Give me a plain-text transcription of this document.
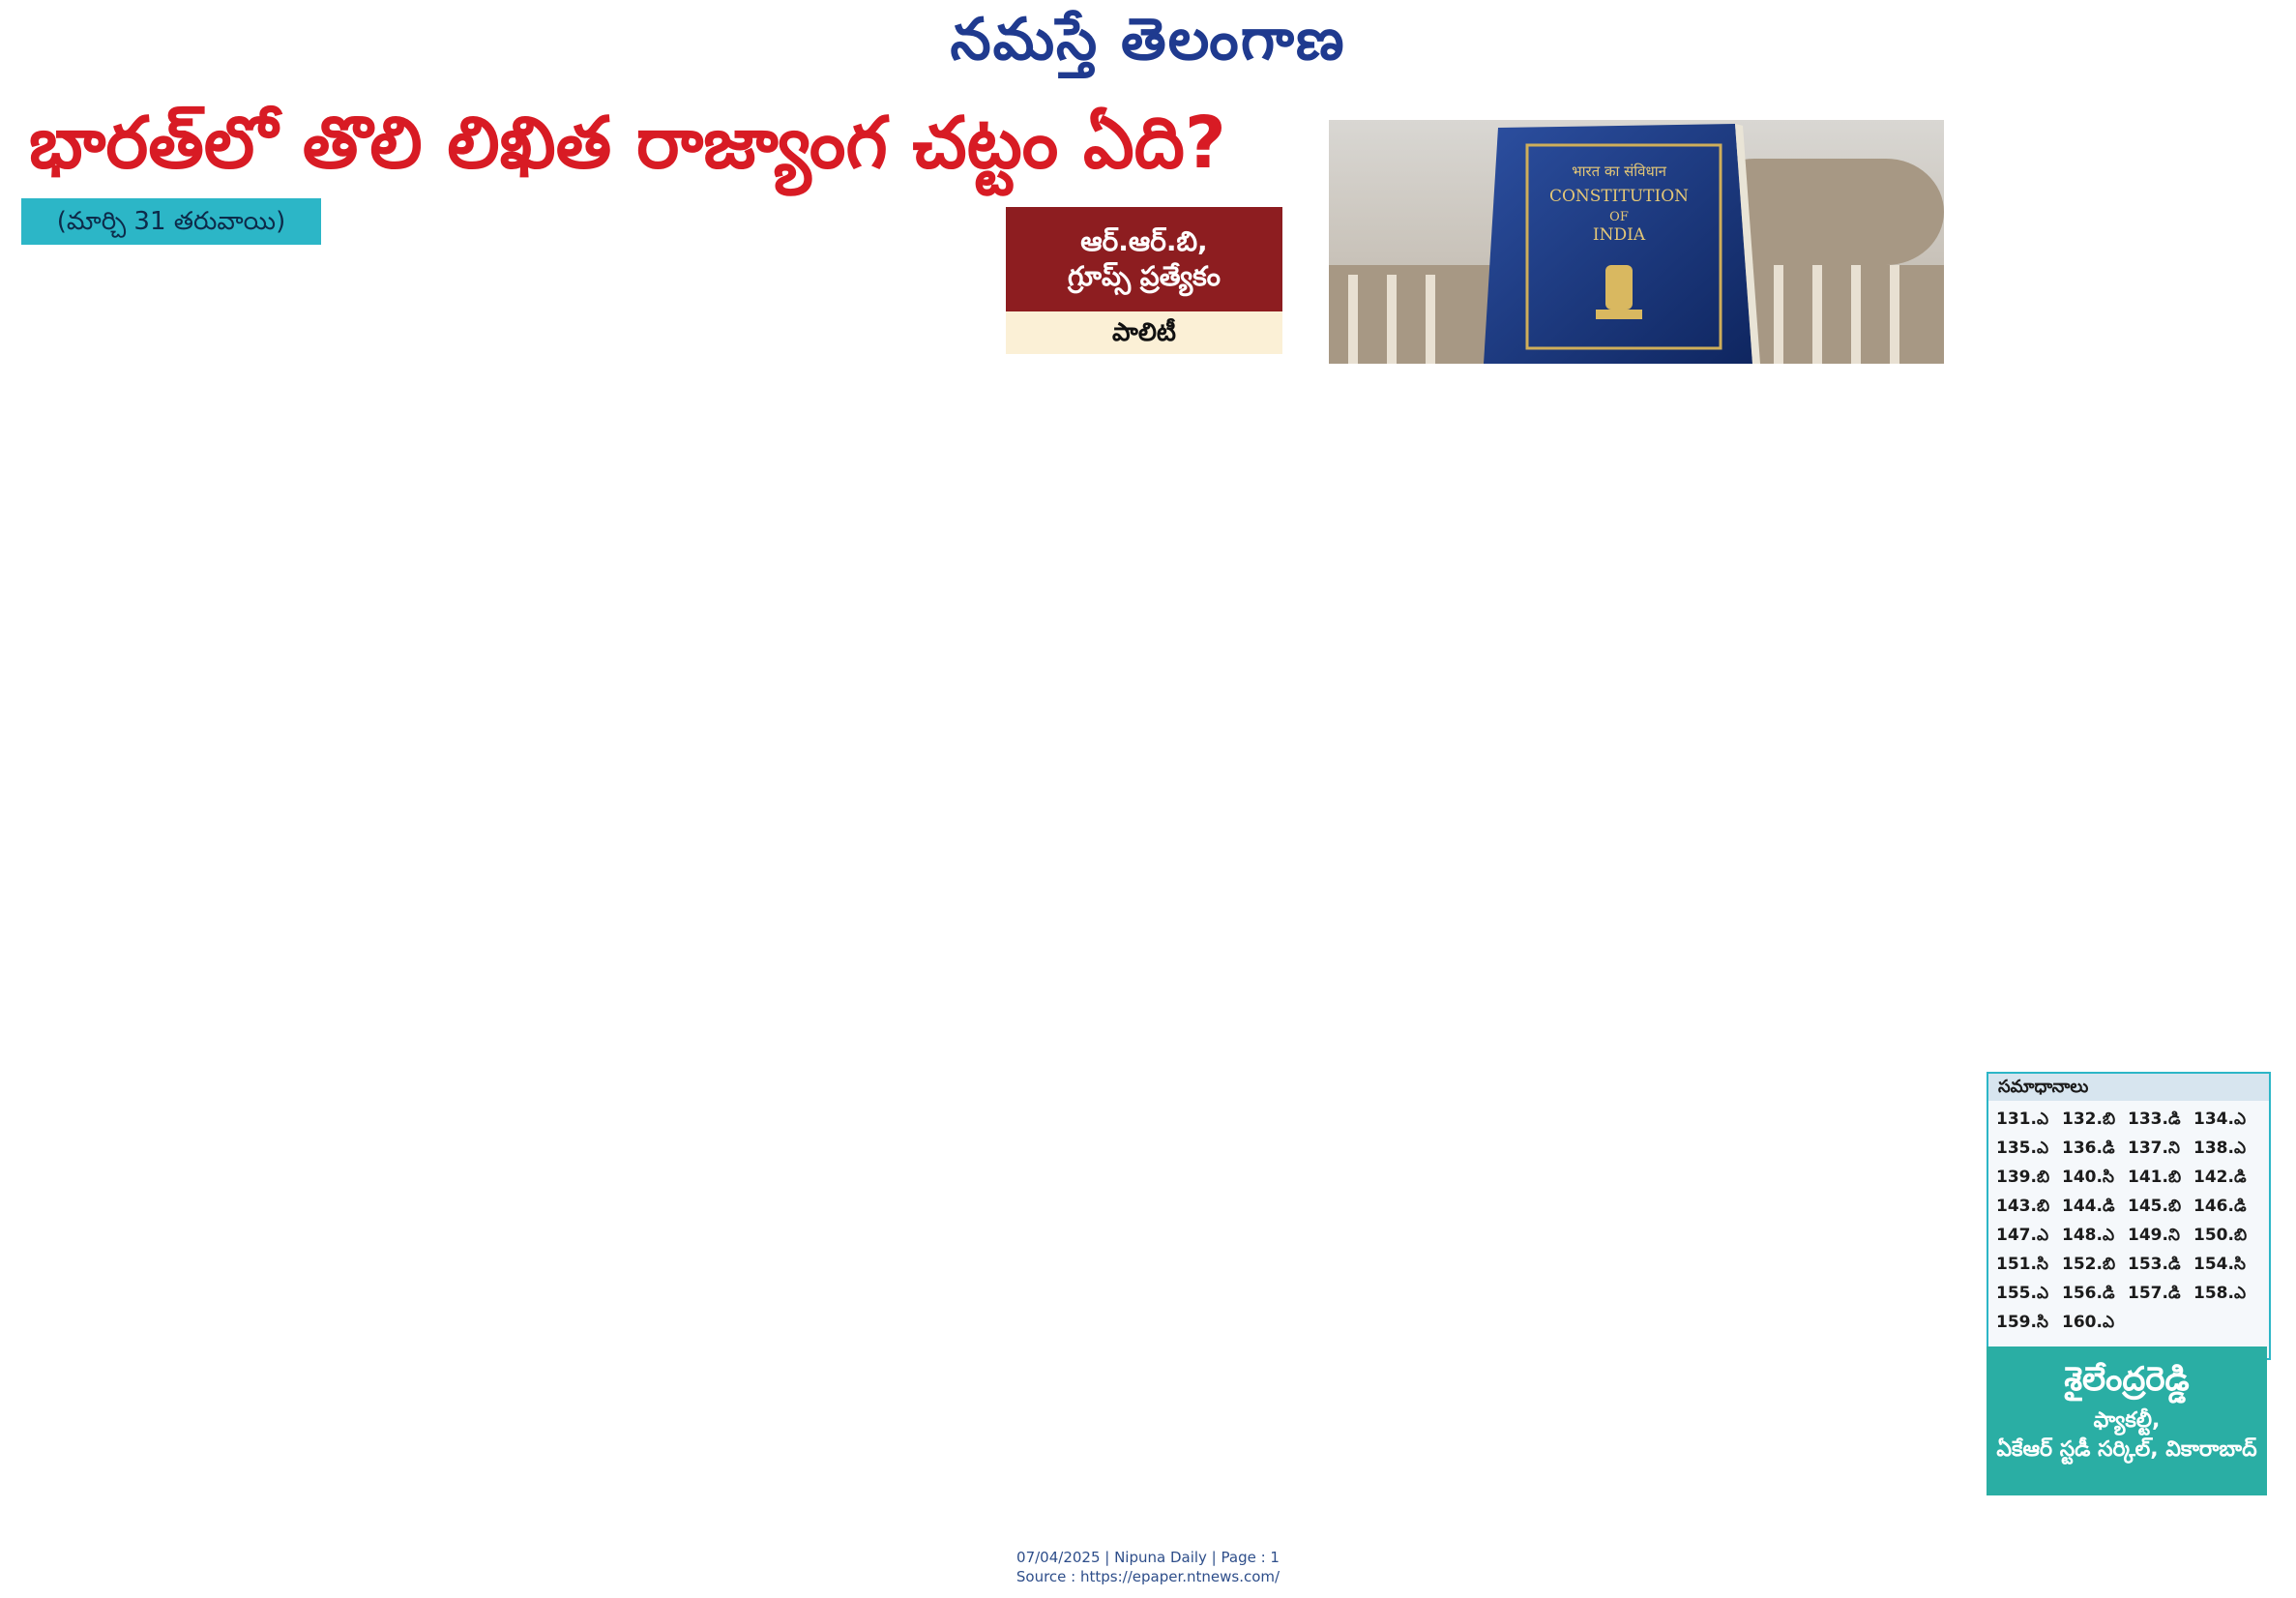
నమస్తే తెలంగాణ
భారత్‌లో తొలి లిఖిత రాజ్యాంగ చట్టం ఏది?
(మార్చి 31 తరువాయి)
ఆర్‌.ఆర్‌.బి,
గ్రూప్స్‌ ప్రత్యేకం
పాలిటీ
भारत का संविधान
CONSTITUTION
OF
INDIA
సమాధానాలు
131.ఎ	132.బి	133.డి	134.ఎ
135.ఎ	136.డి	137.ని	138.ఎ
139.బి	140.సి	141.బి	142.డి
143.బి	144.డి	145.బి	146.డి
147.ఎ	148.ఎ	149.ని	150.బి
151.సి	152.బి	153.డి	154.సి
155.ఎ	156.డి	157.డి	158.ఎ
159.సి	160.ఎ		
శైలేంద్రరెడ్డి
ఫ్యాకల్టీ,
ఏకేఆర్‌ స్టడీ సర్కిల్‌, వికారాబాద్‌
07/04/2025 | Nipuna Daily | Page : 1
Source : https://epaper.ntnews.com/
